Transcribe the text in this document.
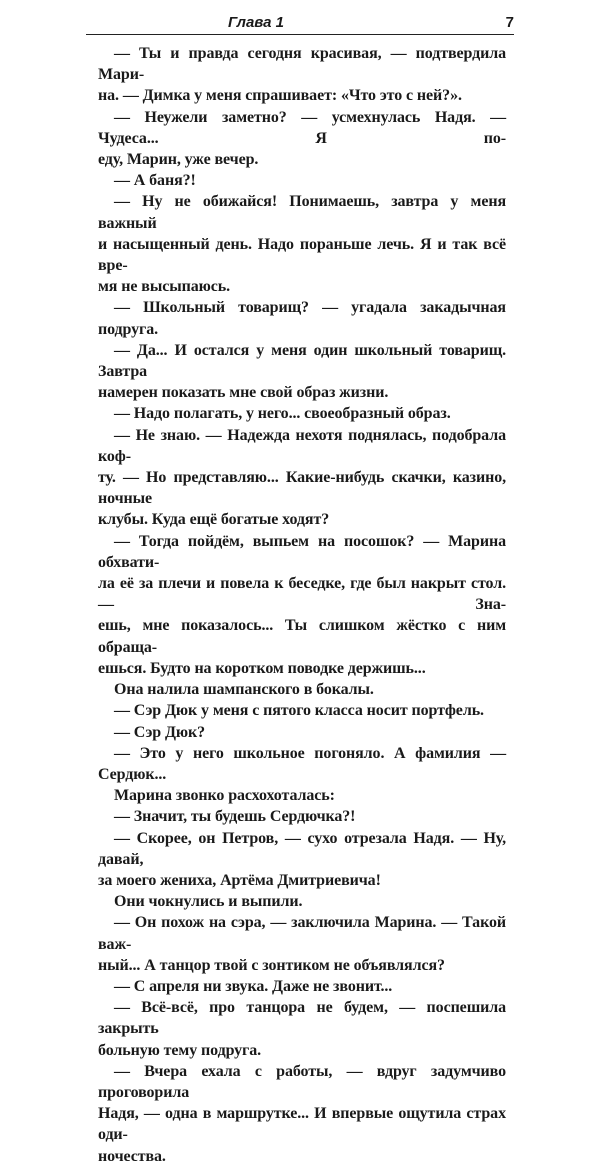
Глава 1	7
— Ты и правда сегодня красивая, — подтвердила Мари-
на. — Димка у меня спрашивает: «Что это с ней?».
— Неужели заметно? — усмехнулась Надя. — Чудеса... Я по-
еду, Марин, уже вечер.
— А баня?!
— Ну не обижайся! Понимаешь, завтра у меня важный
и насыщенный день. Надо пораньше лечь. Я и так всё вре-
мя не высыпаюсь.
— Школьный товарищ? — угадала закадычная подруга.
— Да... И остался у меня один школьный товарищ. Завтра
намерен показать мне свой образ жизни.
— Надо полагать, у него... своеобразный образ.
— Не знаю. — Надежда нехотя поднялась, подобрала коф-
ту. — Но представляю... Какие-нибудь скачки, казино, ночные
клубы. Куда ещё богатые ходят?
— Тогда пойдём, выпьем на посошок? — Марина обхвати-
ла её за плечи и повела к беседке, где был накрыт стол. — Зна-
ешь, мне показалось... Ты слишком жёстко с ним обраща-
ешься. Будто на коротком поводке держишь...
Она налила шампанского в бокалы.
— Сэр Дюк у меня с пятого класса носит портфель.
— Сэр Дюк?
— Это у него школьное погоняло. А фамилия — Сердюк...
Марина звонко расхохоталась:
— Значит, ты будешь Сердючка?!
— Скорее, он Петров, — сухо отрезала Надя. — Ну, давай,
за моего жениха, Артёма Дмитриевича!
Они чокнулись и выпили.
— Он похож на сэра, — заключила Марина. — Такой важ-
ный... А танцор твой с зонтиком не объявлялся?
— С апреля ни звука. Даже не звонит...
— Всё-всё, про танцора не будем, — поспешила закрыть
больную тему подруга.
— Вчера ехала с работы, — вдруг задумчиво проговорила
Надя, — одна в маршрутке... И впервые ощутила страх оди-
ночества.
